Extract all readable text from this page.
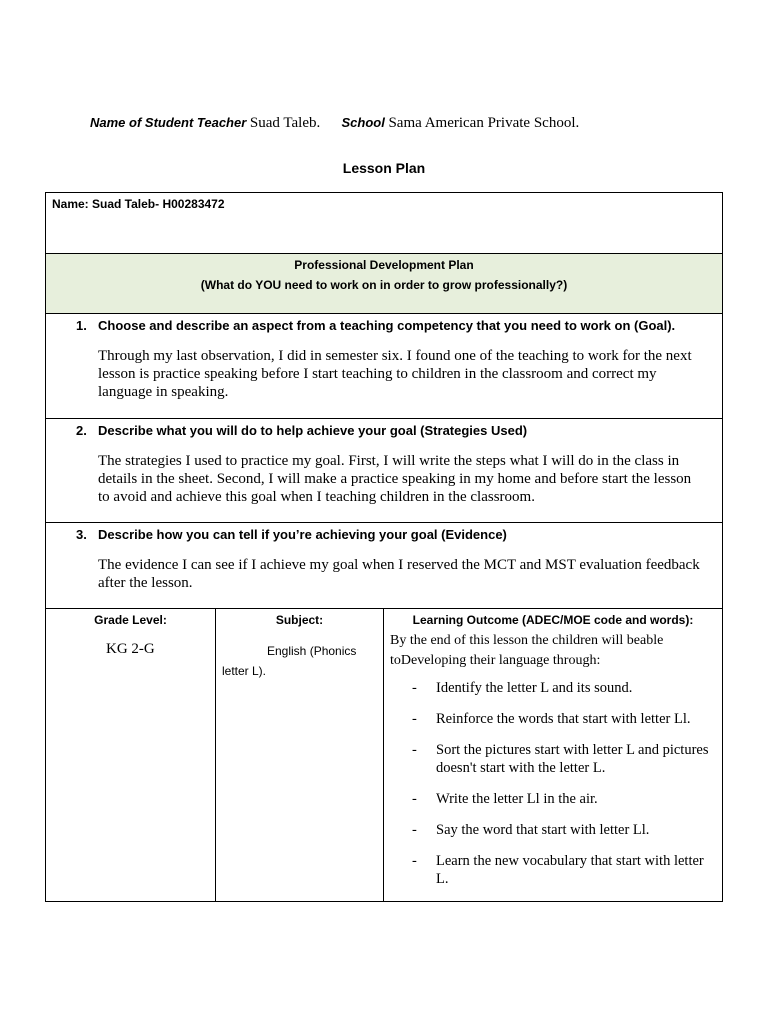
Name of Student Teacher Suad Taleb. School Sama American Private School.
Lesson Plan
Name: Suad Taleb- H00283472

Professional Development Plan
(What do YOU need to work on in order to grow professionally?)

1. Choose and describe an aspect from a teaching competency that you need to work on (Goal).
Through my last observation, I did in semester six. I found one of the teaching to work for the next lesson is practice speaking before I start teaching to children in the classroom and correct my language in speaking.

2. Describe what you will do to help achieve your goal (Strategies Used)
The strategies I used to practice my goal. First, I will write the steps what I will do in the class in details in the sheet. Second, I will make a practice speaking in my home and before start the lesson to avoid and achieve this goal when I teaching children in the classroom.

3. Describe how you can tell if you’re achieving your goal (Evidence)
The evidence I can see if I achieve my goal when I reserved the MCT and MST evaluation feedback after the lesson.

Grade Level:
KG 2-G

Subject:
English (Phonics letter L).

Learning Outcome (ADEC/MOE code and words):
By the end of this lesson the children will beable toDeveloping their language through:
- Identify the letter L and its sound.
- Reinforce the words that start with letter Ll.
- Sort the pictures start with letter L and pictures doesn't start with the letter L.
- Write the letter Ll in the air.
- Say the word that start with letter Ll.
- Learn the new vocabulary that start with letter L.
